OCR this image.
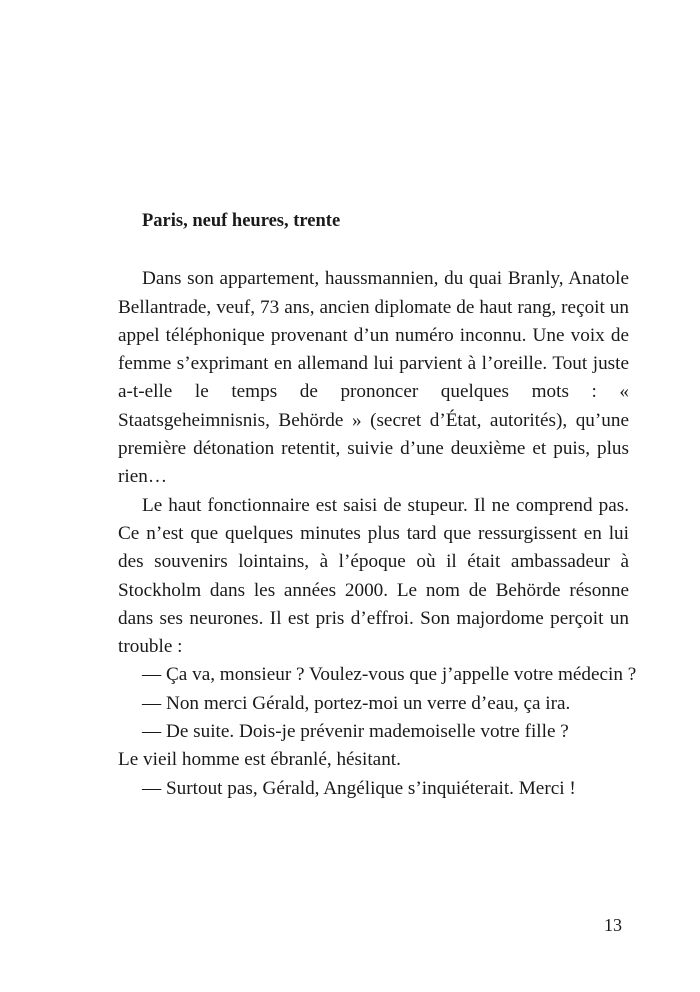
Paris, neuf heures, trente

Dans son appartement, haussmannien, du quai Branly, Anatole Bellantrade, veuf, 73 ans, ancien diplomate de haut rang, reçoit un appel téléphonique provenant d’un numéro inconnu. Une voix de femme s’exprimant en allemand lui parvient à l’oreille. Tout juste a-t-elle le temps de prononcer quelques mots : « Staatsgeheimnisnis, Behörde » (secret d’État, autorités), qu’une première détonation retentit, suivie d’une deuxième et puis, plus rien…

Le haut fonctionnaire est saisi de stupeur. Il ne comprend pas. Ce n’est que quelques minutes plus tard que ressurgissent en lui des souvenirs lointains, à l’époque où il était ambassadeur à Stockholm dans les années 2000. Le nom de Behörde résonne dans ses neurones. Il est pris d’effroi. Son majordome perçoit un trouble :

— Ça va, monsieur ? Voulez-vous que j’appelle votre médecin ?

— Non merci Gérald, portez-moi un verre d’eau, ça ira.

— De suite. Dois-je prévenir mademoiselle votre fille ?

Le vieil homme est ébranlé, hésitant.

— Surtout pas, Gérald, Angélique s’inquiéterait. Merci !

13
